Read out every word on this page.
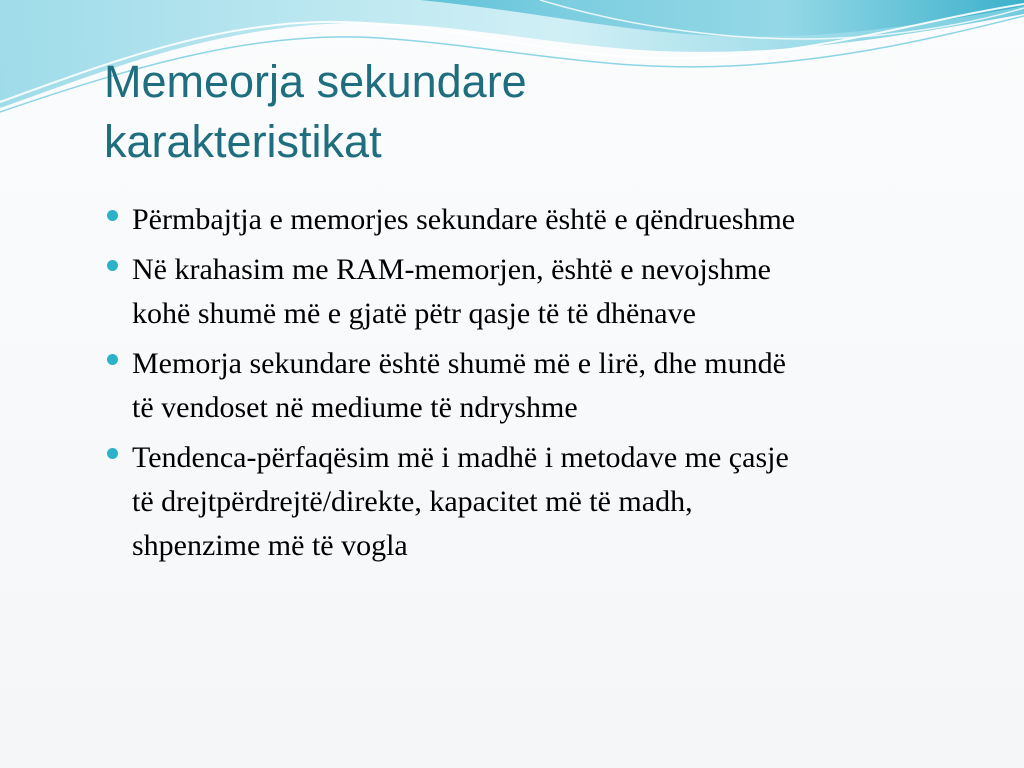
Memeorja sekundare
karakteristikat
Përmbajtja e memorjes sekundare është e qëndrueshme
Në krahasim me RAM-memorjen, është e nevojshme
kohë shumë më e gjatë pëtr qasje të të dhënave
Memorja sekundare është shumë më e lirë, dhe mundë
të vendoset në mediume të ndryshme
Tendenca-përfaqësim më i madhë i metodave me çasje
të drejtpërdrejtë/direkte, kapacitet më të madh,
shpenzime më të vogla
